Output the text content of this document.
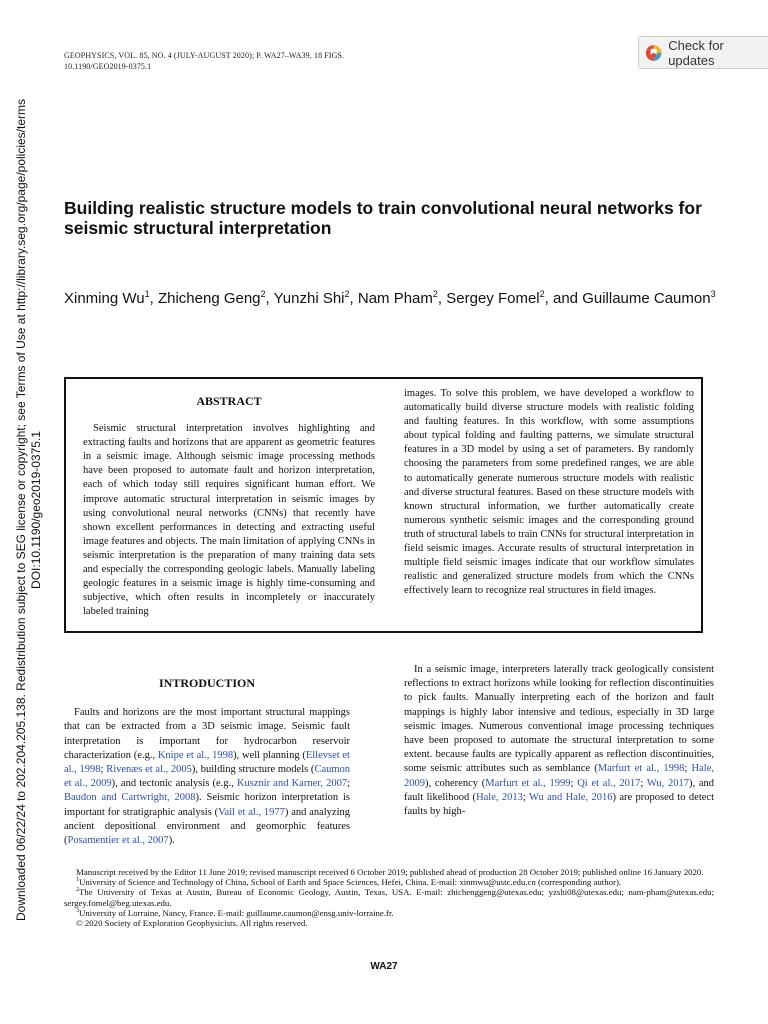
GEOPHYSICS, VOL. 85, NO. 4 (JULY-AUGUST 2020); P. WA27–WA39, 18 FIGS.
10.1190/GEO2019-0375.1
Check for updates
Downloaded 06/22/24 to 202.204.205.138. Redistribution subject to SEG license or copyright; see Terms of Use at http://library.seg.org/page/policies/terms DOI:10.1190/geo2019-0375.1
Building realistic structure models to train convolutional neural networks for seismic structural interpretation
Xinming Wu$^1$, Zhicheng Geng$^2$, Yunzhi Shi$^2$, Nam Pham$^2$, Sergey Fomel$^2$, and Guillaume Caumon$^3$
ABSTRACT
Seismic structural interpretation involves highlighting and extracting faults and horizons that are apparent as geometric features in a seismic image. Although seismic image processing methods have been proposed to automate fault and horizon interpretation, each of which today still requires significant human effort. We improve automatic structural interpretation in seismic images by using convolutional neural networks (CNNs) that recently have shown excellent performances in detecting and extracting useful image features and objects. The main limitation of applying CNNs in seismic interpretation is the preparation of many training data sets and especially the corresponding geologic labels. Manually labeling geologic features in a seismic image is highly time-consuming and subjective, which often results in incompletely or inaccurately labeled training
images. To solve this problem, we have developed a workflow to automatically build diverse structure models with realistic folding and faulting features. In this workflow, with some assumptions about typical folding and faulting patterns, we simulate structural features in a 3D model by using a set of parameters. By randomly choosing the parameters from some predefined ranges, we are able to automatically generate numerous structure models with realistic and diverse structural features. Based on these structure models with known structural information, we further automatically create numerous synthetic seismic images and the corresponding ground truth of structural labels to train CNNs for structural interpretation in field seismic images. Accurate results of structural interpretation in multiple field seismic images indicate that our workflow simulates realistic and generalized structure models from which the CNNs effectively learn to recognize real structures in field images.
INTRODUCTION
Faults and horizons are the most important structural mappings that can be extracted from a 3D seismic image. Seismic fault interpretation is important for hydrocarbon reservoir characterization (e.g., Knipe et al., 1998), well planning (Ellevset et al., 1998; Rivenæs et al., 2005), building structure models (Caumon et al., 2009), and tectonic analysis (e.g., Kusznir and Karner, 2007; Baudon and Cartwright, 2008). Seismic horizon interpretation is important for stratigraphic analysis (Vail et al., 1977) and analyzing ancient depositional environment and geomorphic features (Posamentier et al., 2007).
In a seismic image, interpreters laterally track geologically consistent reflections to extract horizons while looking for reflection discontinuities to pick faults. Manually interpreting each of the horizon and fault mappings is highly labor intensive and tedious, especially in 3D large seismic images. Numerous conventional image processing techniques have been proposed to automate the structural interpretation to some extent. because faults are typically apparent as reflection discontinuities, some seismic attributes such as semblance (Marfurt et al., 1998; Hale, 2009), coherency (Marfurt et al., 1999; Qi et al., 2017; Wu, 2017), and fault likelihood (Hale, 2013; Wu and Hale, 2016) are proposed to detect faults by high-

Manuscript received by the Editor 11 June 2019; revised manuscript received 6 October 2019; published ahead of production 28 October 2019; published online 16 January 2020.

$^1$University of Science and Technology of China, School of Earth and Space Sciences, Hefei, China. E-mail: xinmwu@ustc.edu.cn (corresponding author).

$^2$The University of Texas at Austin, Bureau of Economic Geology, Austin, Texas, USA. E-mail: zhichenggeng@utexas.edu; yzshi08@utexas.edu; nam-pham@utexas.edu; sergey.fomel@beg.utexas.edu.

$^3$University of Lorraine, Nancy, France. E-mail: guillaume.caumon@ensg.univ-lorraine.fr.

© 2020 Society of Exploration Geophysicists. All rights reserved.

WA27
